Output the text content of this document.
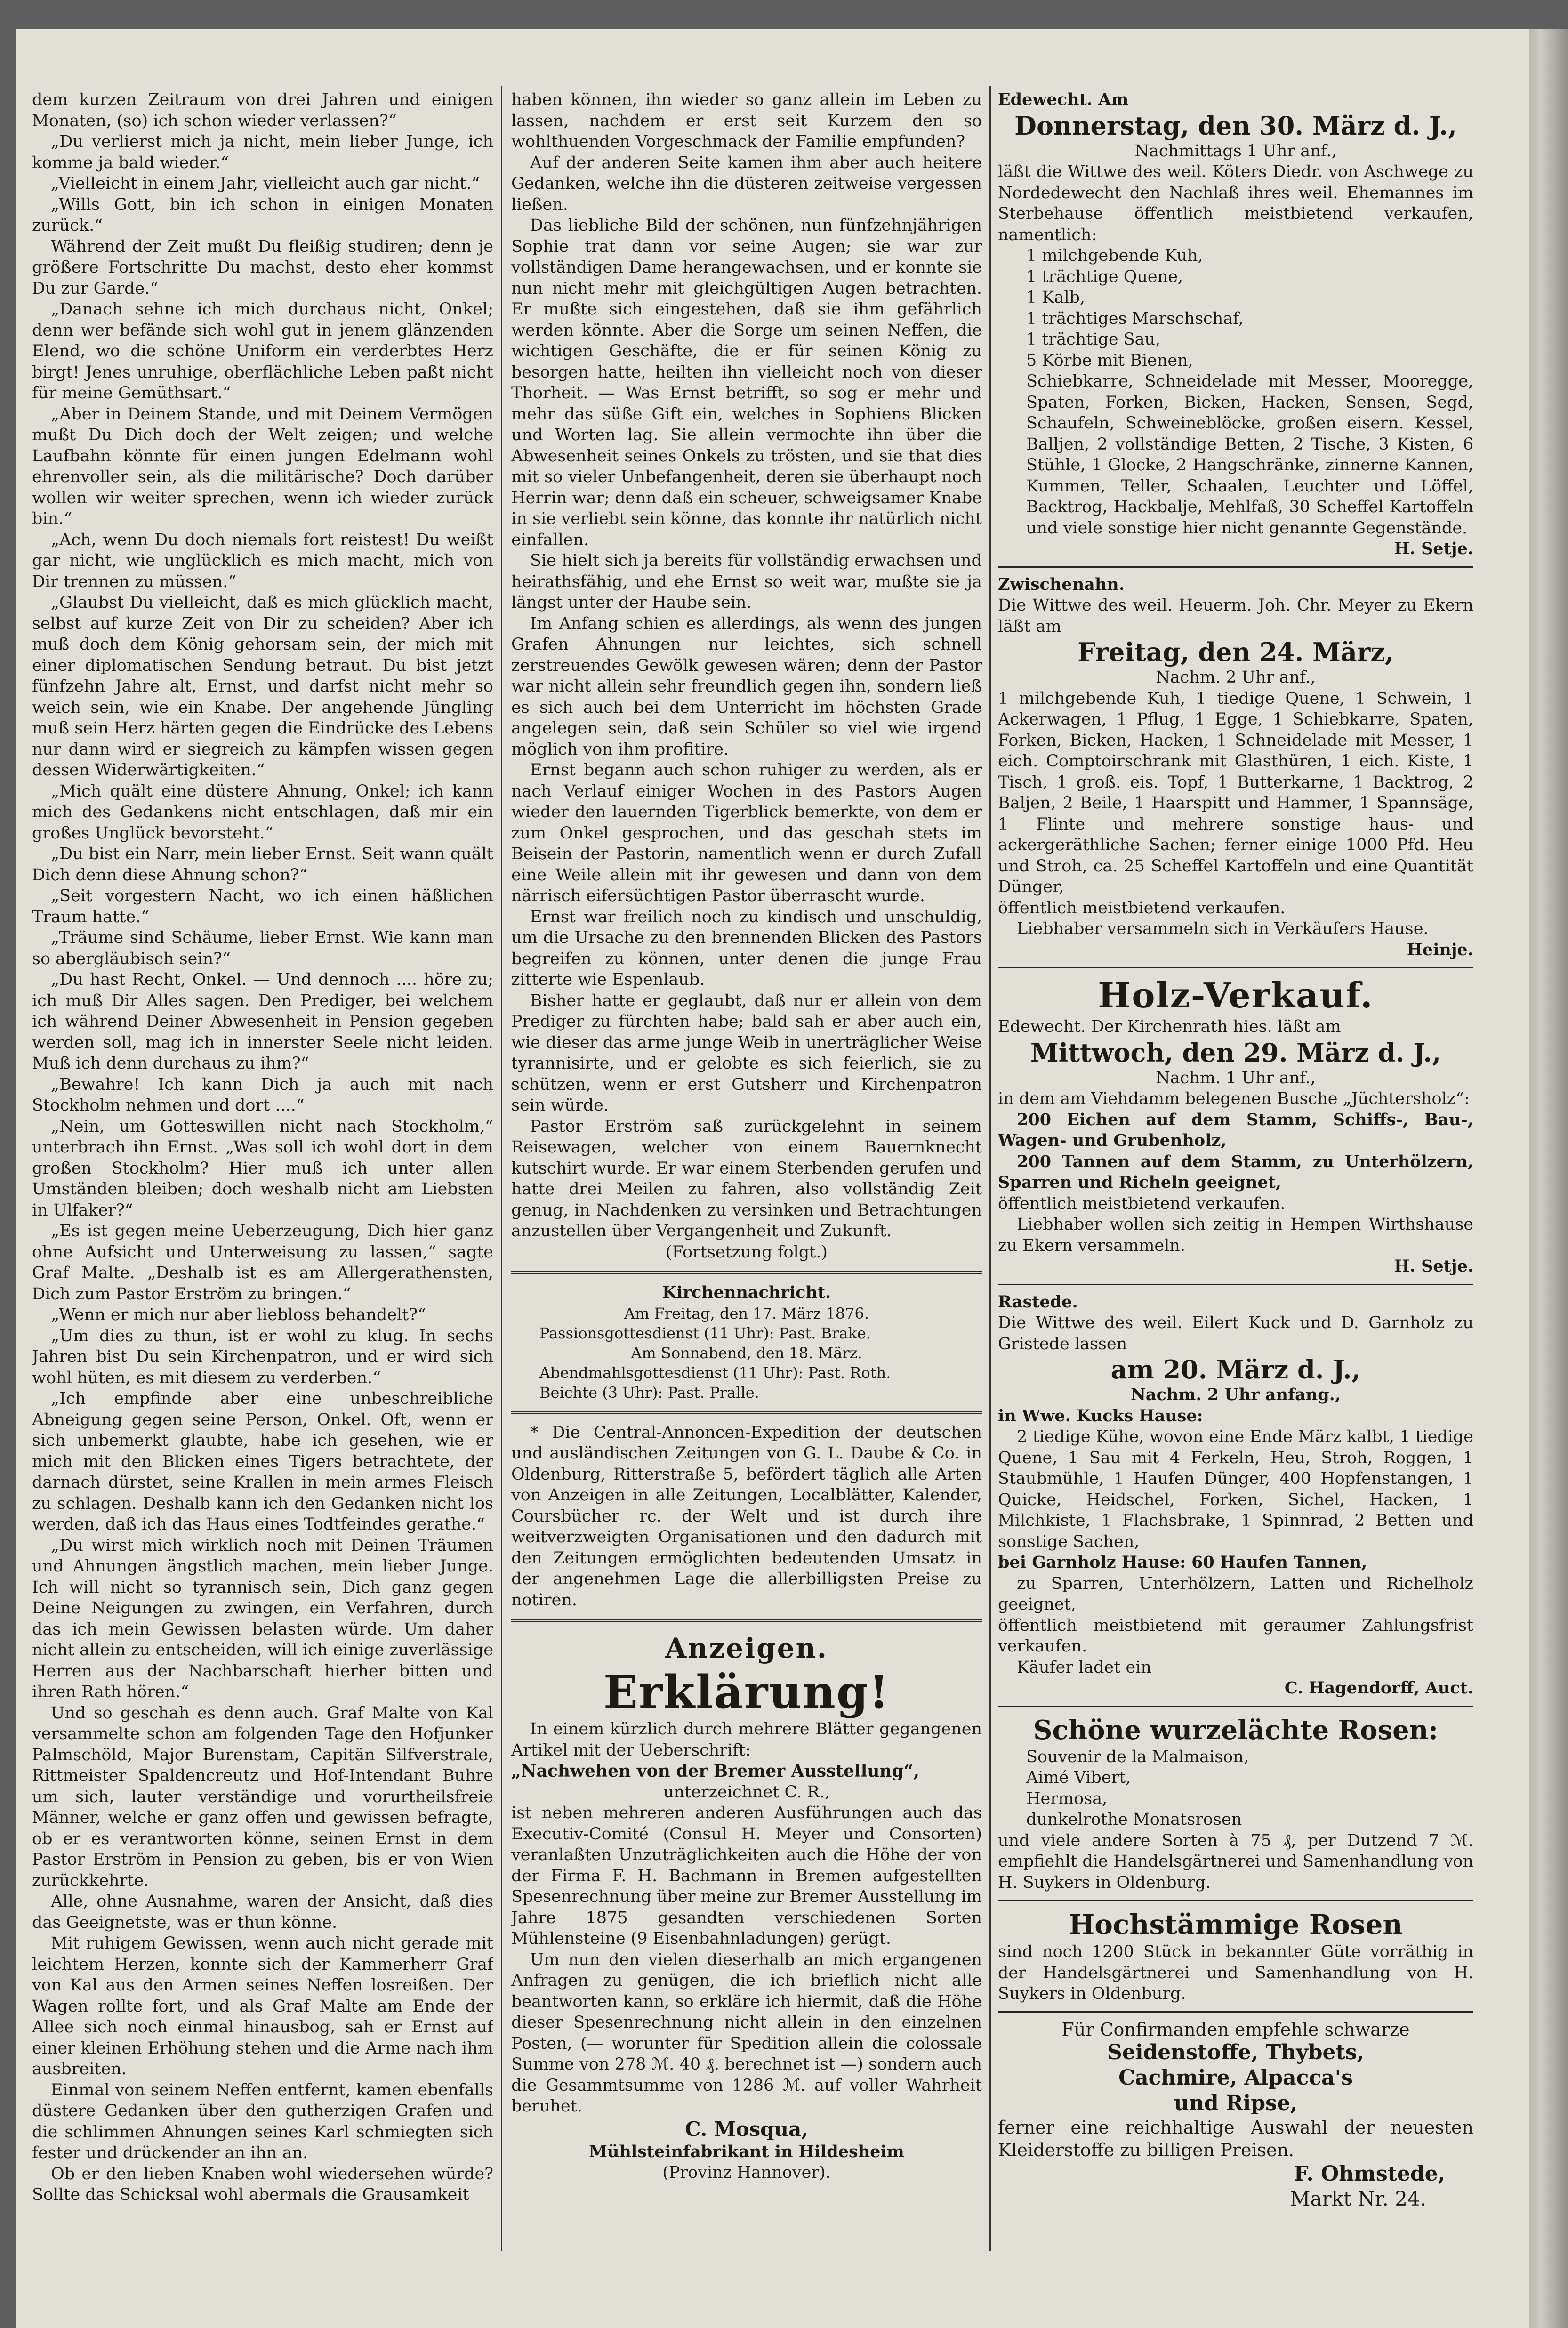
dem kurzen Zeitraum von drei Jahren und einigen Monaten, (so) ich schon wieder verlassen?“

„Du verlierst mich ja nicht, mein lieber Junge, ich komme ja bald wieder.“

„Vielleicht in einem Jahr, vielleicht auch gar nicht.“

„Wills Gott, bin ich schon in einigen Monaten zurück.“

Während der Zeit mußt Du fleißig studiren; denn je größere Fortschritte Du machst, desto eher kommst Du zur Garde.“

„Danach sehne ich mich durchaus nicht, Onkel; denn wer befände sich wohl gut in jenem glänzenden Elend, wo die schöne Uniform ein verderbtes Herz birgt! Jenes unruhige, oberflächliche Leben paßt nicht für meine Gemüthsart.“

„Aber in Deinem Stande, und mit Deinem Vermögen mußt Du Dich doch der Welt zeigen; und welche Laufbahn könnte für einen jungen Edelmann wohl ehrenvoller sein, als die militärische? Doch darüber wollen wir weiter sprechen, wenn ich wieder zurück bin.“

„Ach, wenn Du doch niemals fort reistest! Du weißt gar nicht, wie unglücklich es mich macht, mich von Dir trennen zu müssen.“

„Glaubst Du vielleicht, daß es mich glücklich macht, selbst auf kurze Zeit von Dir zu scheiden? Aber ich muß doch dem König gehorsam sein, der mich mit einer diplomatischen Sendung betraut. Du bist jetzt fünfzehn Jahre alt, Ernst, und darfst nicht mehr so weich sein, wie ein Knabe. Der angehende Jüngling muß sein Herz härten gegen die Eindrücke des Lebens nur dann wird er siegreich zu kämpfen wissen gegen dessen Widerwärtigkeiten.“

„Mich quält eine düstere Ahnung, Onkel; ich kann mich des Gedankens nicht entschlagen, daß mir ein großes Unglück bevorsteht.“

„Du bist ein Narr, mein lieber Ernst. Seit wann quält Dich denn diese Ahnung schon?“

„Seit vorgestern Nacht, wo ich einen häßlichen Traum hatte.“

„Träume sind Schäume, lieber Ernst. Wie kann man so abergläubisch sein?“

„Du hast Recht, Onkel. — Und dennoch .... höre zu; ich muß Dir Alles sagen. Den Prediger, bei welchem ich während Deiner Abwesenheit in Pension gegeben werden soll, mag ich in innerster Seele nicht leiden. Muß ich denn durchaus zu ihm?“

„Bewahre! Ich kann Dich ja auch mit nach Stockholm nehmen und dort ....“

„Nein, um Gotteswillen nicht nach Stockholm,“ unterbrach ihn Ernst. „Was soll ich wohl dort in dem großen Stockholm? Hier muß ich unter allen Umständen bleiben; doch weshalb nicht am Liebsten in Ulfaker?“

„Es ist gegen meine Ueberzeugung, Dich hier ganz ohne Aufsicht und Unterweisung zu lassen,“ sagte Graf Malte. „Deshalb ist es am Allergerathensten, Dich zum Pastor Erström zu bringen.“

„Wenn er mich nur aber liebloss behandelt?“

„Um dies zu thun, ist er wohl zu klug. In sechs Jahren bist Du sein Kirchenpatron, und er wird sich wohl hüten, es mit diesem zu verderben.“

„Ich empfinde aber eine unbeschreibliche Abneigung gegen seine Person, Onkel. Oft, wenn er sich unbemerkt glaubte, habe ich gesehen, wie er mich mit den Blicken eines Tigers betrachtete, der darnach dürstet, seine Krallen in mein armes Fleisch zu schlagen. Deshalb kann ich den Gedanken nicht los werden, daß ich das Haus eines Todtfeindes gerathe.“

„Du wirst mich wirklich noch mit Deinen Träumen und Ahnungen ängstlich machen, mein lieber Junge. Ich will nicht so tyrannisch sein, Dich ganz gegen Deine Neigungen zu zwingen, ein Verfahren, durch das ich mein Gewissen belasten würde. Um daher nicht allein zu entscheiden, will ich einige zuverlässige Herren aus der Nachbarschaft hierher bitten und ihren Rath hören.“

Und so geschah es denn auch. Graf Malte von Kal versammelte schon am folgenden Tage den Hofjunker Palmschöld, Major Burenstam, Capitän Silfverstrale, Rittmeister Spaldencreutz und Hof-Intendant Buhre um sich, lauter verständige und vorurtheilsfreie Männer, welche er ganz offen und gewissen befragte, ob er es verantworten könne, seinen Ernst in dem Pastor Erström in Pension zu geben, bis er von Wien zurückkehrte.

Alle, ohne Ausnahme, waren der Ansicht, daß dies das Geeignetste, was er thun könne.

Mit ruhigem Gewissen, wenn auch nicht gerade mit leichtem Herzen, konnte sich der Kammerherr Graf von Kal aus den Armen seines Neffen losreißen. Der Wagen rollte fort, und als Graf Malte am Ende der Allee sich noch einmal hinausbog, sah er Ernst auf einer kleinen Erhöhung stehen und die Arme nach ihm ausbreiten.

Einmal von seinem Neffen entfernt, kamen ebenfalls düstere Gedanken über den gutherzigen Grafen und die schlimmen Ahnungen seines Karl schmiegten sich fester und drückender an ihn an.

Ob er den lieben Knaben wohl wiedersehen würde? Sollte das Schicksal wohl abermals die Grausamkeit

haben können, ihn wieder so ganz allein im Leben zu lassen, nachdem er erst seit Kurzem den so wohlthuenden Vorgeschmack der Familie empfunden?

Auf der anderen Seite kamen ihm aber auch heitere Gedanken, welche ihn die düsteren zeitweise vergessen ließen.

Das liebliche Bild der schönen, nun fünfzehnjährigen Sophie trat dann vor seine Augen; sie war zur vollständigen Dame herangewachsen, und er konnte sie nun nicht mehr mit gleichgültigen Augen betrachten. Er mußte sich eingestehen, daß sie ihm gefährlich werden könnte. Aber die Sorge um seinen Neffen, die wichtigen Geschäfte, die er für seinen König zu besorgen hatte, heilten ihn vielleicht noch von dieser Thorheit. — Was Ernst betrifft, so sog er mehr und mehr das süße Gift ein, welches in Sophiens Blicken und Worten lag. Sie allein vermochte ihn über die Abwesenheit seines Onkels zu trösten, und sie that dies mit so vieler Unbefangenheit, deren sie überhaupt noch Herrin war; denn daß ein scheuer, schweigsamer Knabe in sie verliebt sein könne, das konnte ihr natürlich nicht einfallen.

Sie hielt sich ja bereits für vollständig erwachsen und heirathsfähig, und ehe Ernst so weit war, mußte sie ja längst unter der Haube sein.

Im Anfang schien es allerdings, als wenn des jungen Grafen Ahnungen nur leichtes, sich schnell zerstreuendes Gewölk gewesen wären; denn der Pastor war nicht allein sehr freundlich gegen ihn, sondern ließ es sich auch bei dem Unterricht im höchsten Grade angelegen sein, daß sein Schüler so viel wie irgend möglich von ihm profitire.

Ernst begann auch schon ruhiger zu werden, als er nach Verlauf einiger Wochen in des Pastors Augen wieder den lauernden Tigerblick bemerkte, von dem er zum Onkel gesprochen, und das geschah stets im Beisein der Pastorin, namentlich wenn er durch Zufall eine Weile allein mit ihr gewesen und dann von dem närrisch eifersüchtigen Pastor überrascht wurde.

Ernst war freilich noch zu kindisch und unschuldig, um die Ursache zu den brennenden Blicken des Pastors begreifen zu können, unter denen die junge Frau zitterte wie Espenlaub.

Bisher hatte er geglaubt, daß nur er allein von dem Prediger zu fürchten habe; bald sah er aber auch ein, wie dieser das arme junge Weib in unerträglicher Weise tyrannisirte, und er gelobte es sich feierlich, sie zu schützen, wenn er erst Gutsherr und Kirchenpatron sein würde.

Pastor Erström saß zurückgelehnt in seinem Reisewagen, welcher von einem Bauernknecht kutschirt wurde. Er war einem Sterbenden gerufen und hatte drei Meilen zu fahren, also vollständig Zeit genug, in Nachdenken zu versinken und Betrachtungen anzustellen über Vergangenheit und Zukunft.

(Fortsetzung folgt.)

Kirchennachricht.

Am Freitag, den 17. März 1876.

Passionsgottesdienst (11 Uhr): Past. Brake.

Am Sonnabend, den 18. März.

Abendmahlsgottesdienst (11 Uhr): Past. Roth.

Beichte (3 Uhr): Past. Pralle.

* Die Central-Annoncen-Expedition der deutschen und ausländischen Zeitungen von G. L. Daube & Co. in Oldenburg, Ritterstraße 5, befördert täglich alle Arten von Anzeigen in alle Zeitungen, Localblätter, Kalender, Coursbücher rc. der Welt und ist durch ihre weitverzweigten Organisationen und den dadurch mit den Zeitungen ermöglichten bedeutenden Umsatz in der angenehmen Lage die allerbilligsten Preise zu notiren.

Anzeigen.

Erklärung!

In einem kürzlich durch mehrere Blätter gegangenen Artikel mit der Ueberschrift:

„Nachwehen von der Bremer Ausstellung“,

unterzeichnet C. R.,

ist neben mehreren anderen Ausführungen auch das Executiv-Comité (Consul H. Meyer und Consorten) veranlaßten Unzuträglichkeiten auch die Höhe der von der Firma F. H. Bachmann in Bremen aufgestellten Spesenrechnung über meine zur Bremer Ausstellung im Jahre 1875 gesandten verschiedenen Sorten Mühlensteine (9 Eisenbahnladungen) gerügt.

Um nun den vielen dieserhalb an mich ergangenen Anfragen zu genügen, die ich brieflich nicht alle beantworten kann, so erkläre ich hiermit, daß die Höhe dieser Spesenrechnung nicht allein in den einzelnen Posten, (— worunter für Spedition allein die colossale Summe von 278 ℳ. 40 ₰. berechnet ist —) sondern auch die Gesammtsumme von 1286 ℳ. auf voller Wahrheit beruhet.

C. Mosqua,

Mühlsteinfabrikant in Hildesheim

(Provinz Hannover).

Edewecht. Am

Donnerstag, den 30. März d. J.,

Nachmittags 1 Uhr anf.,

läßt die Wittwe des weil. Köters Diedr. von Aschwege zu Nordedewecht den Nachlaß ihres weil. Ehemannes im Sterbehause öffentlich meistbietend verkaufen, namentlich:

1 milchgebende Kuh,
1 trächtige Quene,
1 Kalb,
1 trächtiges Marschschaf,
1 trächtige Sau,
5 Körbe mit Bienen,

Schiebkarre, Schneidelade mit Messer, Mooregge, Spaten, Forken, Bicken, Hacken, Sensen, Segd, Schaufeln, Schweineblöcke, großen eisern. Kessel, Balljen, 2 vollständige Betten, 2 Tische, 3 Kisten, 6 Stühle, 1 Glocke, 2 Hangschränke, zinnerne Kannen, Kummen, Teller, Schaalen, Leuchter und Löffel, Backtrog, Hackbalje, Mehlfaß, 30 Scheffel Kartoffeln und viele sonstige hier nicht genannte Gegenstände.

H. Setje.

Zwischenahn.

Die Wittwe des weil. Heuerm. Joh. Chr. Meyer zu Ekern läßt am

Freitag, den 24. März,

Nachm. 2 Uhr anf.,

1 milchgebende Kuh, 1 tiedige Quene, 1 Schwein, 1 Ackerwagen, 1 Pflug, 1 Egge, 1 Schiebkarre, Spaten, Forken, Bicken, Hacken, 1 Schneidelade mit Messer, 1 eich. Comptoirschrank mit Glasthüren, 1 eich. Kiste, 1 Tisch, 1 groß. eis. Topf, 1 Butterkarne, 1 Backtrog, 2 Baljen, 2 Beile, 1 Haarspitt und Hammer, 1 Spannsäge, 1 Flinte und mehrere sonstige haus- und ackergeräthliche Sachen; ferner einige 1000 Pfd. Heu und Stroh, ca. 25 Scheffel Kartoffeln und eine Quantität Dünger,

öffentlich meistbietend verkaufen.

Liebhaber versammeln sich in Verkäufers Hause.

Heinje.

Holz-Verkauf.

Edewecht. Der Kirchenrath hies. läßt am

Mittwoch, den 29. März d. J.,

Nachm. 1 Uhr anf.,

in dem am Viehdamm belegenen Busche „Jüchtersholz“:

200 Eichen auf dem Stamm, Schiffs-, Bau-, Wagen- und Grubenholz,

200 Tannen auf dem Stamm, zu Unterhölzern, Sparren und Richeln geeignet,

öffentlich meistbietend verkaufen.

Liebhaber wollen sich zeitig in Hempen Wirthshause zu Ekern versammeln.

H. Setje.

Rastede.

Die Wittwe des weil. Eilert Kuck und D. Garnholz zu Gristede lassen

am 20. März d. J.,

Nachm. 2 Uhr anfang.,

in Wwe. Kucks Hause:

2 tiedige Kühe, wovon eine Ende März kalbt, 1 tiedige Quene, 1 Sau mit 4 Ferkeln, Heu, Stroh, Roggen, 1 Staubmühle, 1 Haufen Dünger, 400 Hopfenstangen, 1 Quicke, Heidschel, Forken, Sichel, Hacken, 1 Milchkiste, 1 Flachsbrake, 1 Spinnrad, 2 Betten und sonstige Sachen,

bei Garnholz Hause: 60 Haufen Tannen,

zu Sparren, Unterhölzern, Latten und Richelholz geeignet,

öffentlich meistbietend mit geraumer Zahlungsfrist verkaufen.

Käufer ladet ein

C. Hagendorff, Auct.

Schöne wurzelächte Rosen:

Souvenir de la Malmaison,
Aimé Vibert,
Hermosa,
dunkelrothe Monatsrosen

und viele andere Sorten à 75 ₰, per Dutzend 7 ℳ. empfiehlt die Handelsgärtnerei und Samenhandlung von H. Suykers in Oldenburg.

Hochstämmige Rosen

sind noch 1200 Stück in bekannter Güte vorräthig in der Handelsgärtnerei und Samenhandlung von H. Suykers in Oldenburg.

Für Confirmanden empfehle schwarze

Seidenstoffe, Thybets,

Cachmire, Alpacca's

und Ripse,

ferner eine reichhaltige Auswahl der neuesten Kleiderstoffe zu billigen Preisen.

F. Ohmstede,

Markt Nr. 24.
